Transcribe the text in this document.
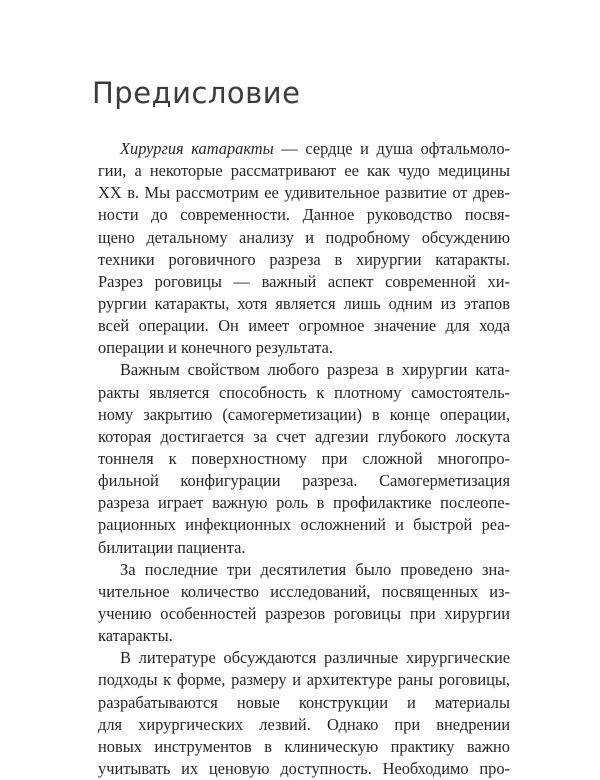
Предисловие
Хирургия катаракты — сердце и душа офтальмоло-
гии, а некоторые рассматривают ее как чудо медицины
XX в. Мы рассмотрим ее удивительное развитие от древ-
ности до современности. Данное руководство посвя-
щено детальному анализу и подробному обсуждению
техники роговичного разреза в хирургии катаракты.
Разрез роговицы — важный аспект современной хи-
рургии катаракты, хотя является лишь одним из этапов
всей операции. Он имеет огромное значение для хода
операции и конечного результата.
Важным свойством любого разреза в хирургии ката-
ракты является способность к плотному самостоятель-
ному закрытию (самогерметизации) в конце операции,
которая достигается за счет адгезии глубокого лоскута
тоннеля к поверхностному при сложной многопро-
фильной конфигурации разреза. Самогерметизация
разреза играет важную роль в профилактике послеопе-
рационных инфекционных осложнений и быстрой реа-
билитации пациента.
За последние три десятилетия было проведено зна-
чительное количество исследований, посвященных из-
учению особенностей разрезов роговицы при хирургии
катаракты.
В литературе обсуждаются различные хирургические
подходы к форме, размеру и архитектуре раны роговицы,
разрабатываются новые конструкции и материалы
для хирургических лезвий. Однако при внедрении
новых инструментов в клиническую практику важно
учитывать их ценовую доступность. Необходимо про-
